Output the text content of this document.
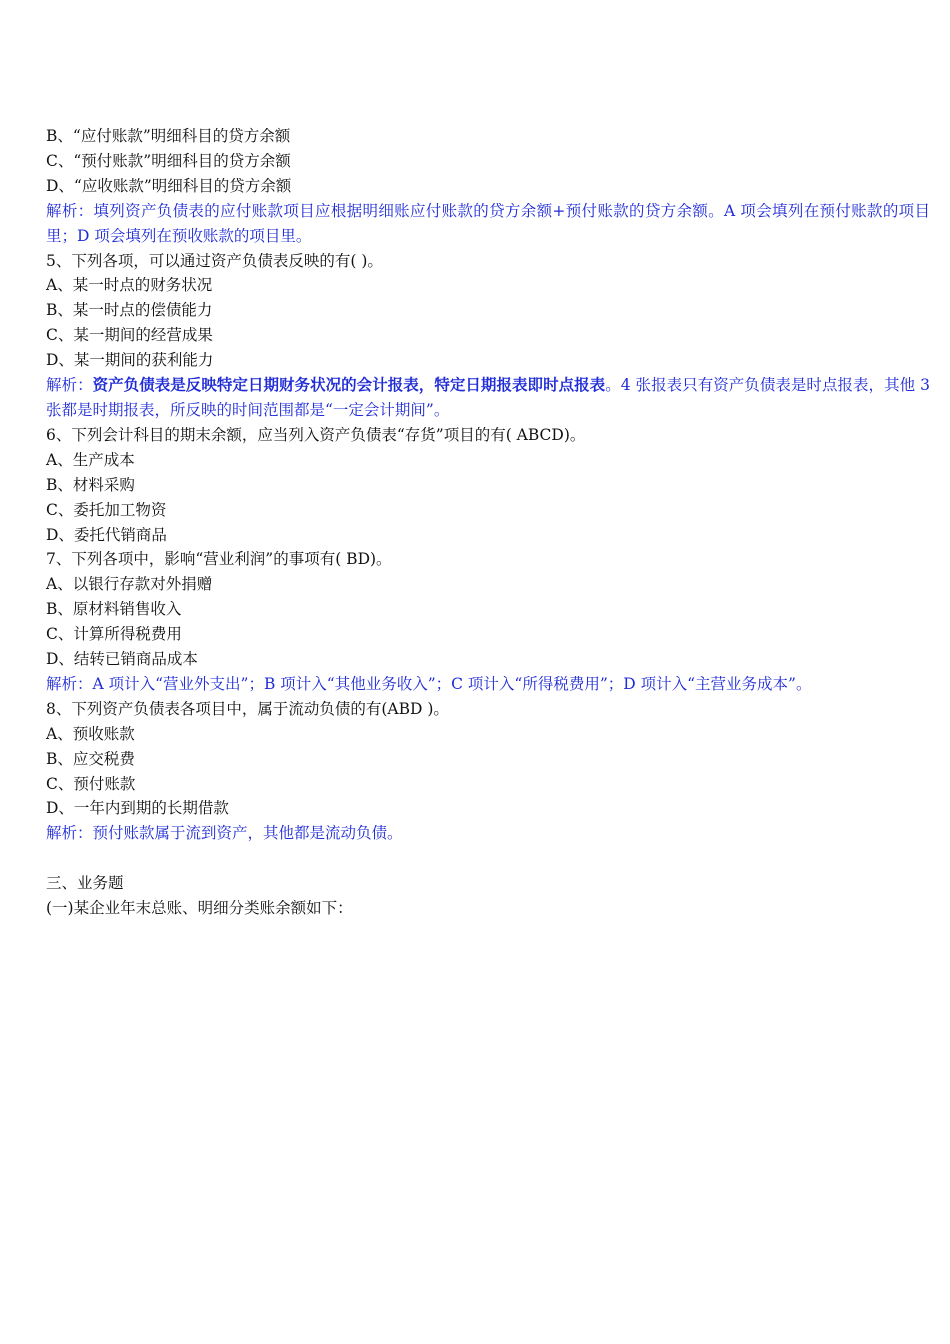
B、“应付账款”明细科目的贷方余额

C、“预付账款”明细科目的贷方余额

D、“应收账款”明细科目的贷方余额

解析：填列资产负债表的应付账款项目应根据明细账应付账款的贷方余额+预付账款的贷方余额。A 项会填列在预付账款的项目里；D 项会填列在预收账款的项目里。

5、下列各项，可以通过资产负债表反映的有( )。

A、某一时点的财务状况

B、某一时点的偿债能力

C、某一期间的经营成果

D、某一期间的获利能力

解析：资产负债表是反映特定日期财务状况的会计报表，特定日期报表即时点报表。4 张报表只有资产负债表是时点报表，其他 3 张都是时期报表，所反映的时间范围都是“一定会计期间”。

6、下列会计科目的期末余额，应当列入资产负债表“存货”项目的有( ABCD)。

A、生产成本

B、材料采购

C、委托加工物资

D、委托代销商品

7、下列各项中，影响“营业利润”的事项有( BD)。

A、以银行存款对外捐赠

B、原材料销售收入

C、计算所得税费用

D、结转已销商品成本

解析：A 项计入“营业外支出”；B 项计入“其他业务收入”；C 项计入“所得税费用”；D 项计入“主营业务成本”。

8、下列资产负债表各项目中，属于流动负债的有(ABD )。

A、预收账款

B、应交税费

C、预付账款

D、一年内到期的长期借款

解析：预付账款属于流到资产，其他都是流动负债。

三、业务题

(一)某企业年末总账、明细分类账余额如下：
